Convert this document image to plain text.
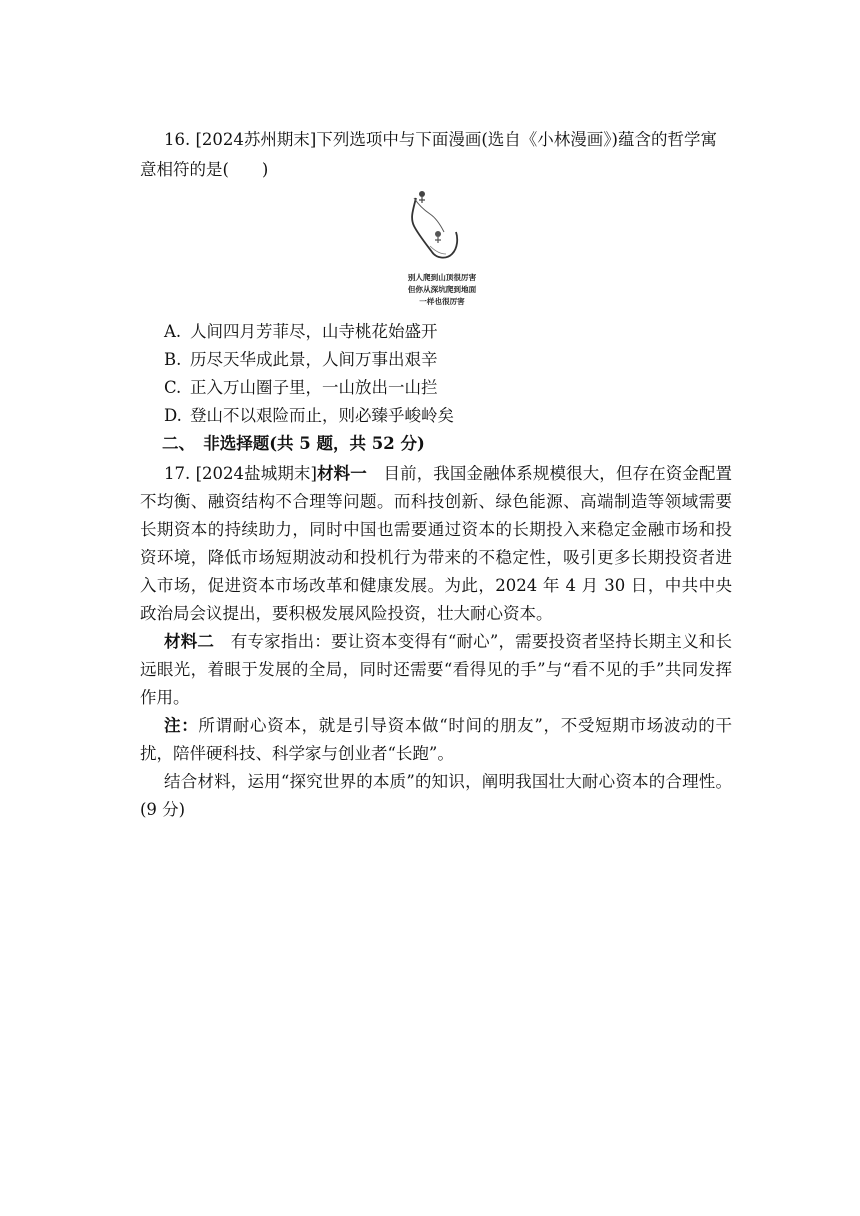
16. [2024苏州期末]下列选项中与下面漫画(选自《小林漫画》)蕴含的哲学寓

意相符的是(　　)

别人爬到山顶很厉害
但你从深坑爬到地面
一样也很厉害

A. 人间四月芳菲尽，山寺桃花始盛开

B. 历尽天华成此景，人间万事出艰辛

C. 正入万山圈子里，一山放出一山拦

D. 登山不以艰险而止，则必臻乎峻岭矣

二、　非选择题(共 5 题，共 52 分)

17. [2024盐城期末]材料一　目前，我国金融体系规模很大，但存在资金配置不均衡、融资结构不合理等问题。而科技创新、绿色能源、高端制造等领域需要长期资本的持续助力，同时中国也需要通过资本的长期投入来稳定金融市场和投资环境，降低市场短期波动和投机行为带来的不稳定性，吸引更多长期投资者进入市场，促进资本市场改革和健康发展。为此，2024 年 4 月 30 日，中共中央政治局会议提出，要积极发展风险投资，壮大耐心资本。

材料二　有专家指出：要让资本变得有“耐心”，需要投资者坚持长期主义和长远眼光，着眼于发展的全局，同时还需要“看得见的手”与“看不见的手”共同发挥作用。

注：所谓耐心资本，就是引导资本做“时间的朋友”，不受短期市场波动的干扰，陪伴硬科技、科学家与创业者“长跑”。

结合材料，运用“探究世界的本质”的知识，阐明我国壮大耐心资本的合理性。(9 分)
